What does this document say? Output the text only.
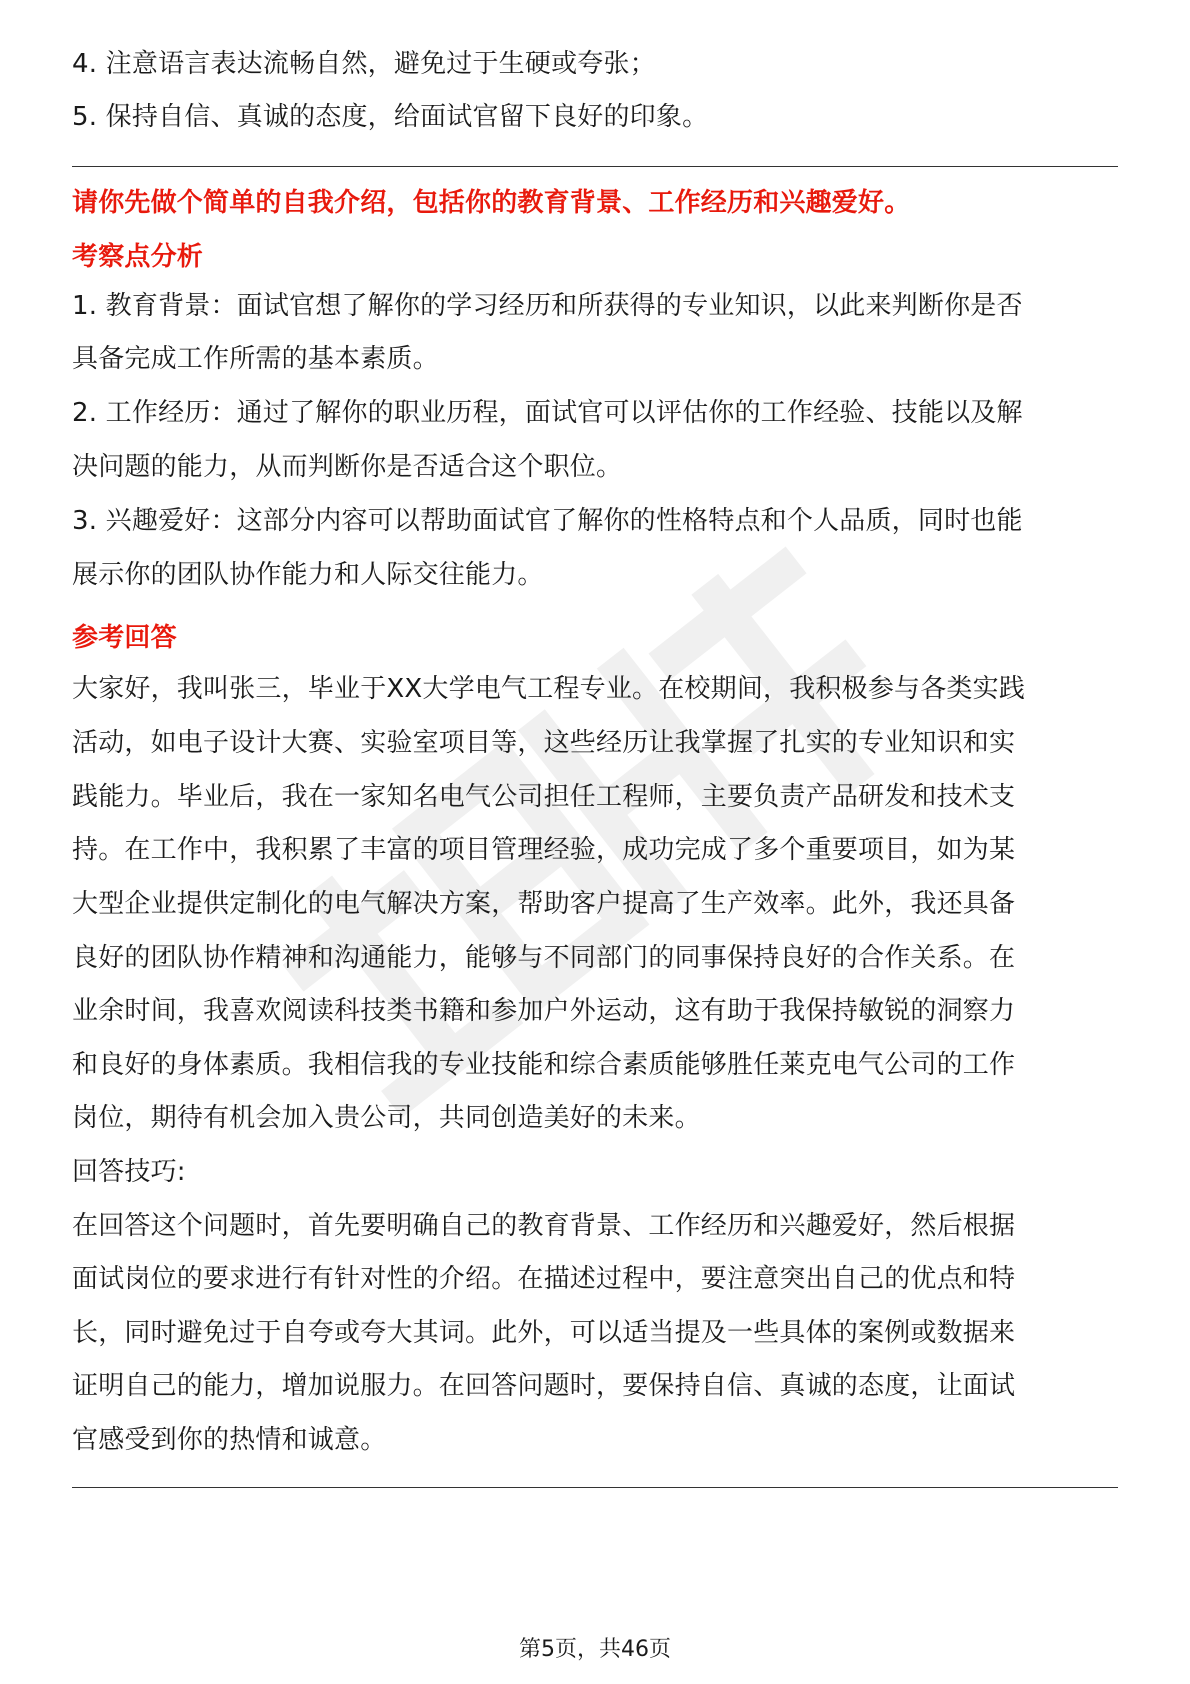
4. 注意语言表达流畅自然，避免过于生硬或夸张；

5. 保持自信、真诚的态度，给面试官留下良好的印象。

请你先做个简单的自我介绍，包括你的教育背景、工作经历和兴趣爱好。

考察点分析

1. 教育背景：面试官想了解你的学习经历和所获得的专业知识，以此来判断你是否

具备完成工作所需的基本素质。

2. 工作经历：通过了解你的职业历程，面试官可以评估你的工作经验、技能以及解

决问题的能力，从而判断你是否适合这个职位。

3. 兴趣爱好：这部分内容可以帮助面试官了解你的性格特点和个人品质，同时也能

展示你的团队协作能力和人际交往能力。

参考回答

大家好，我叫张三，毕业于XX大学电气工程专业。在校期间，我积极参与各类实践

活动，如电子设计大赛、实验室项目等，这些经历让我掌握了扎实的专业知识和实

践能力。毕业后，我在一家知名电气公司担任工程师，主要负责产品研发和技术支

持。在工作中，我积累了丰富的项目管理经验，成功完成了多个重要项目，如为某

大型企业提供定制化的电气解决方案，帮助客户提高了生产效率。此外，我还具备

良好的团队协作精神和沟通能力，能够与不同部门的同事保持良好的合作关系。在

业余时间，我喜欢阅读科技类书籍和参加户外运动，这有助于我保持敏锐的洞察力

和良好的身体素质。我相信我的专业技能和综合素质能够胜任莱克电气公司的工作

岗位，期待有机会加入贵公司，共同创造美好的未来。

回答技巧:

在回答这个问题时，首先要明确自己的教育背景、工作经历和兴趣爱好，然后根据

面试岗位的要求进行有针对性的介绍。在描述过程中，要注意突出自己的优点和特

长，同时避免过于自夸或夸大其词。此外，可以适当提及一些具体的案例或数据来

证明自己的能力，增加说服力。在回答问题时，要保持自信、真诚的态度，让面试

官感受到你的热情和诚意。

第5页，共46页
